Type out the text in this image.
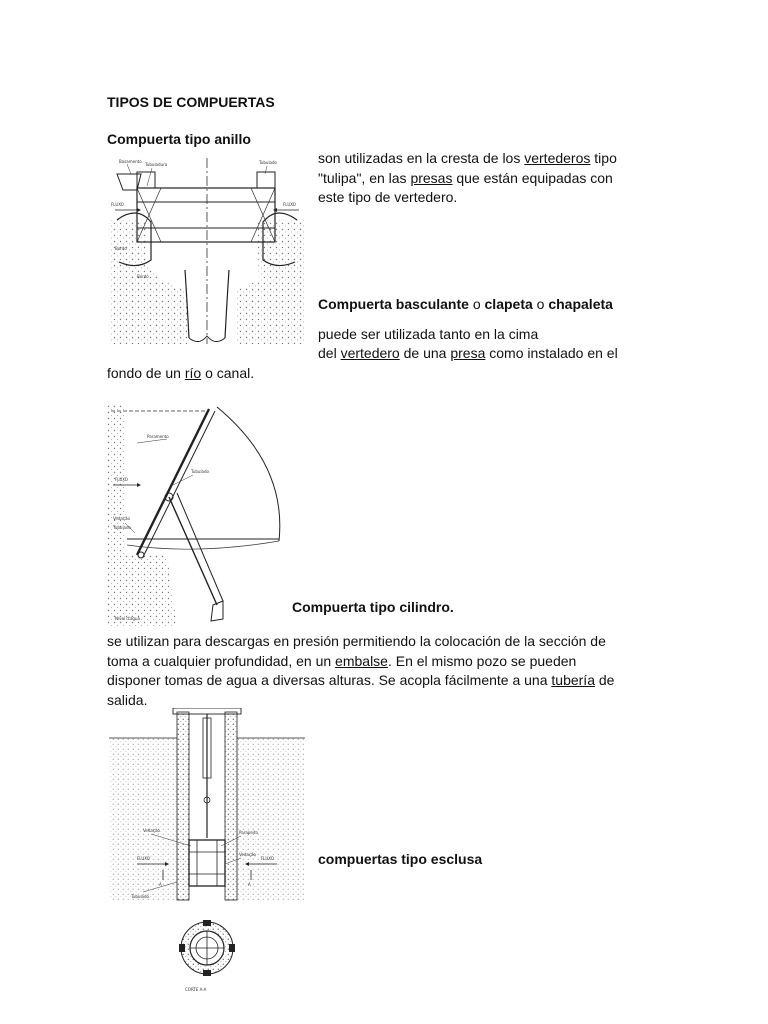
TIPOS DE COMPUERTAS
Compuerta tipo anillo
Basamento
Tubuladura	Tubulado
FLUXO	FLUXO
Bordo
Bordo
son utilizadas en la cresta de los vertederos tipo
"tulipa", en las presas que están equipadas con
este tipo de vertedero.
Compuerta basculante o clapeta o chapaleta
puede ser utilizada tanto en la cima
del vertedero de una presa como instalado en el
fondo de un río o canal.
Paramento
Tubulado
FLUXO
Vedação
Tubulado
Nível d'água
Compuerta tipo cilindro.
se utilizan para descargas en presión permitiendo la colocación de la sección de
toma a cualquier profundidad, en un embalse. En el mismo pozo se pueden
disponer tomas de agua a diversas alturas. Se acopla fácilmente a una tubería de
salida.
Vedação	Parapeito
FLUXO	FLUXO
Vedação
Tubulado
A	A
CORTE A-A
compuertas tipo esclusa
